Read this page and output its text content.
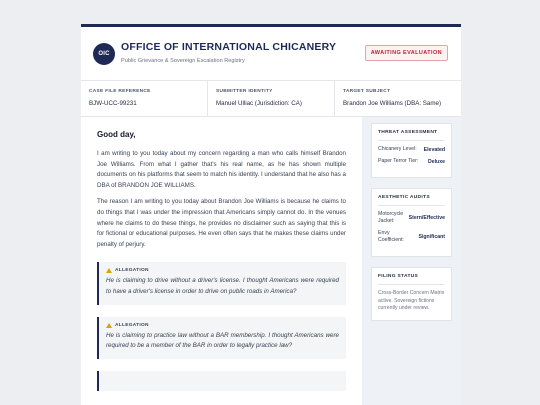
OIC
OFFICE OF INTERNATIONAL CHICANERY
Public Grievance & Sovereign Escalation Registry
AWAITING EVALUATION
CASE FILE REFERENCE
BJW-UCC-99231
SUBMITTER IDENTITY
Manuel Ulliac (Jurisdiction: CA)
TARGET SUBJECT
Brandon Joe Williams (DBA: Same)
Good day,

I am writing to you today about my concern regarding a man who calls himself Brandon Joe Williams. From what I gather that's his real name, as he has shown multiple documents on his platforms that seem to match his identity. I understand that he also has a DBA of BRANDON JOE WILLIAMS.

The reason I am writing to you today about Brandon Joe Williams is because he claims to do things that I was under the impression that Americans simply cannot do. In the venues where he claims to do these things, he provides no disclaimer such as saying that this is for fictional or educational purposes. He even often says that he makes these claims under penalty of perjury.

ALLEGATION
He is claiming to drive without a driver's license. I thought Americans were required to have a driver's license in order to drive on public roads in America?
ALLEGATION
He is claiming to practice law without a BAR membership. I thought Americans were required to be a member of the BAR in order to legally practice law?
THREAT ASSESSMENT
Chicanery Level: Elevated
Paper Terror Tier: Deluxe
AESTHETIC AUDITS
Motorcycle Jacket:	Stern/Effective
Envy Coefficient:	Significant
FILING STATUS
Cross-Border Concern Matrix active. Sovereign fictions currently under review.
